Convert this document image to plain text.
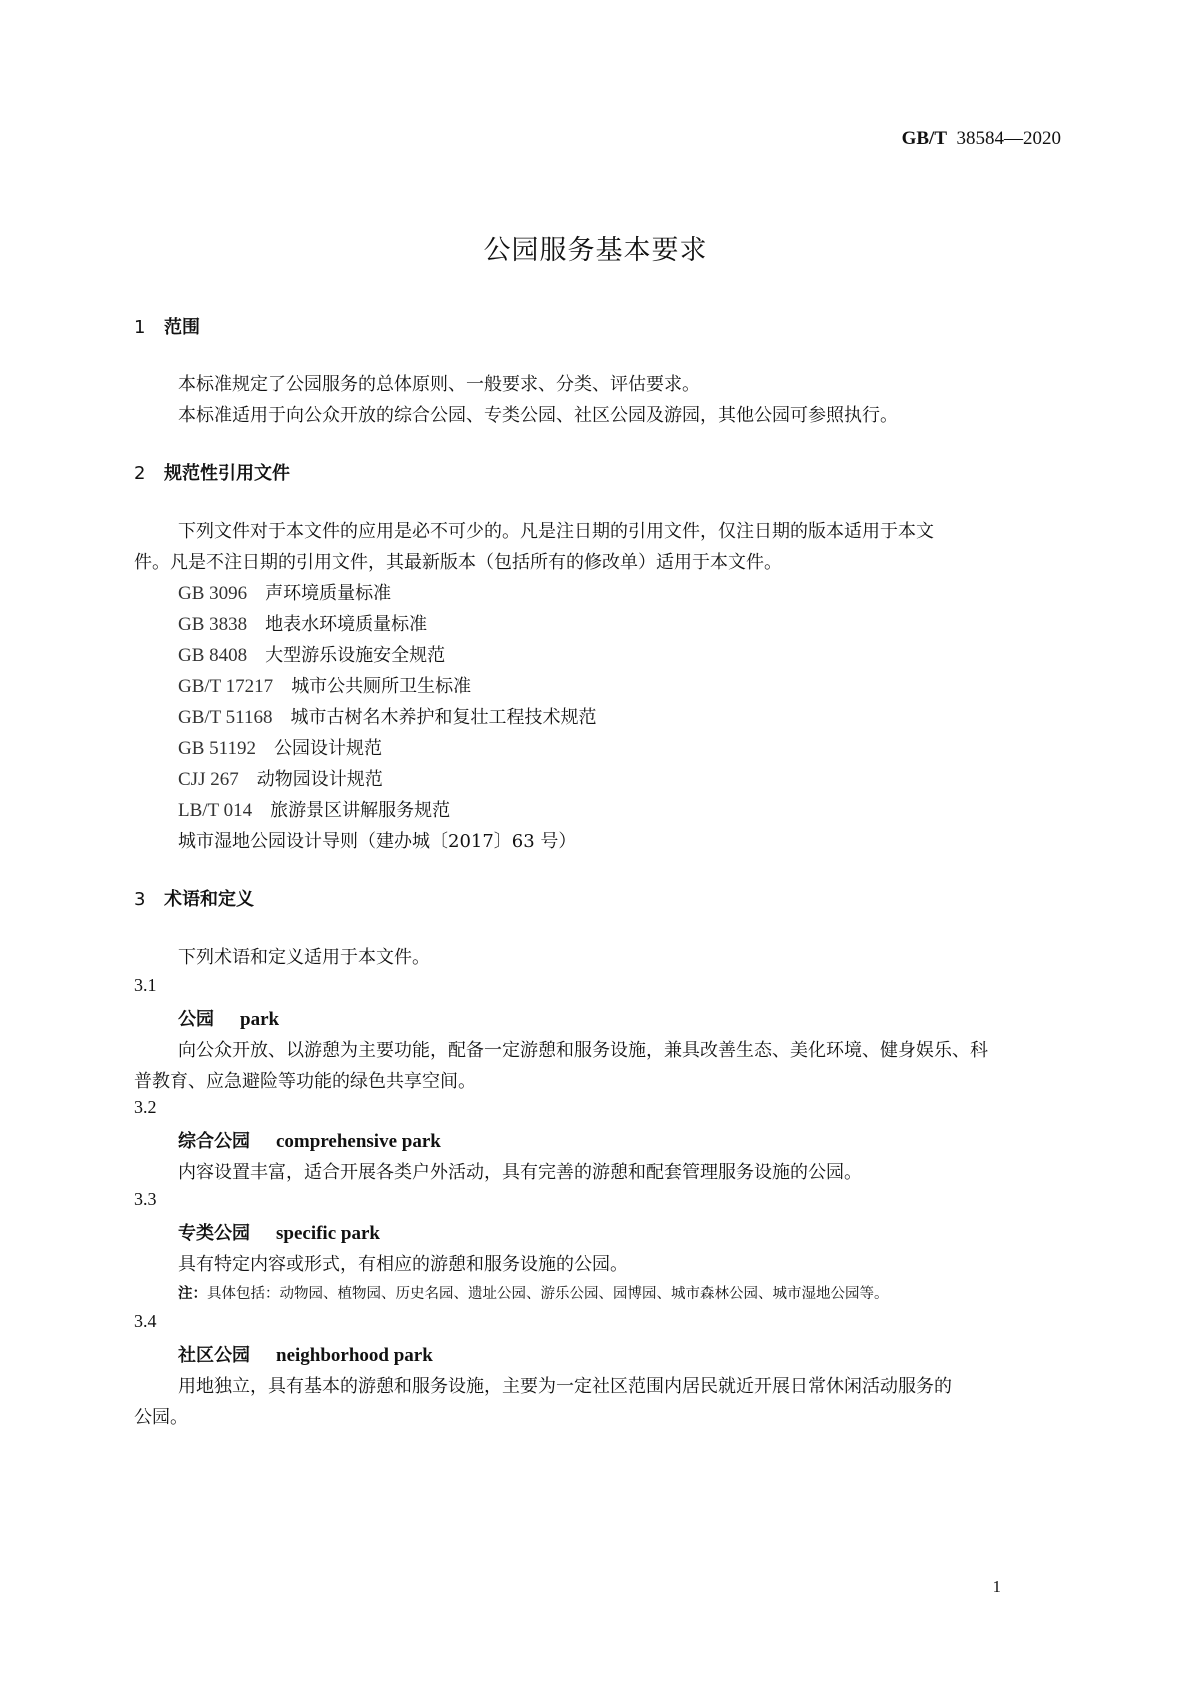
GB/T 38584—2020
公园服务基本要求
1 范围
本标准规定了公园服务的总体原则、一般要求、分类、评估要求。
本标准适用于向公众开放的综合公园、专类公园、社区公园及游园，其他公园可参照执行。
2 规范性引用文件
下列文件对于本文件的应用是必不可少的。凡是注日期的引用文件，仅注日期的版本适用于本文
件。凡是不注日期的引用文件，其最新版本（包括所有的修改单）适用于本文件。
GB 3096 声环境质量标准
GB 3838 地表水环境质量标准
GB 8408 大型游乐设施安全规范
GB/T 17217 城市公共厕所卫生标准
GB/T 51168 城市古树名木养护和复壮工程技术规范
GB 51192 公园设计规范
CJJ 267 动物园设计规范
LB/T 014 旅游景区讲解服务规范
城市湿地公园设计导则（建办城〔2017〕63 号）
3 术语和定义
下列术语和定义适用于本文件。
3.1
公园 park
向公众开放、以游憩为主要功能，配备一定游憩和服务设施，兼具改善生态、美化环境、健身娱乐、科
普教育、应急避险等功能的绿色共享空间。
3.2
综合公园 comprehensive park
内容设置丰富，适合开展各类户外活动，具有完善的游憩和配套管理服务设施的公园。
3.3
专类公园 specific park
具有特定内容或形式，有相应的游憩和服务设施的公园。
注：具体包括：动物园、植物园、历史名园、遗址公园、游乐公园、园博园、城市森林公园、城市湿地公园等。
3.4
社区公园 neighborhood park
用地独立，具有基本的游憩和服务设施，主要为一定社区范围内居民就近开展日常休闲活动服务的
公园。
1
